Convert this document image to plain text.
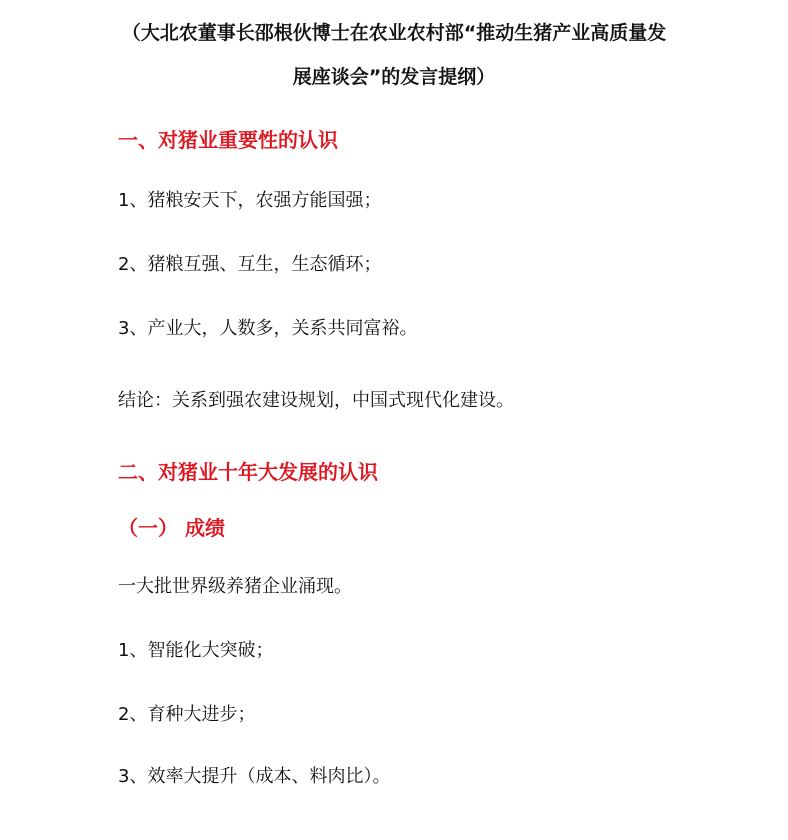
（大北农董事长邵根伙博士在农业农村部“推动生猪产业高质量发
展座谈会”的发言提纲）
一、对猪业重要性的认识
1、猪粮安天下，农强方能国强；
2、猪粮互强、互生，生态循环；
3、产业大，人数多，关系共同富裕。
结论：关系到强农建设规划，中国式现代化建设。
二、对猪业十年大发展的认识
（一） 成绩
一大批世界级养猪企业涌现。
1、智能化大突破；
2、育种大进步；
3、效率大提升（成本、料肉比）。
